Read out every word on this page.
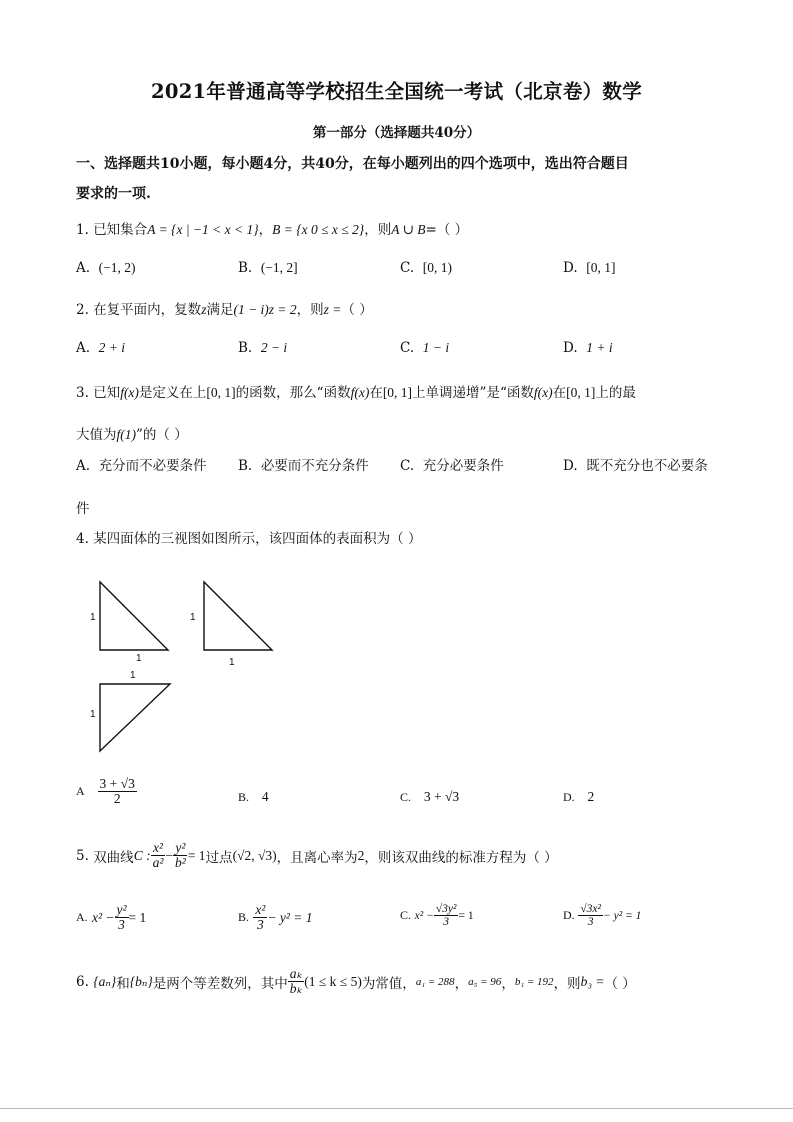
2021年普通高等学校招生全国统一考试（北京卷）数学
第一部分（选择题共40分）
一、选择题共10小题，每小题4分，共40分，在每小题列出的四个选项中，选出符合题目
要求的一项.
1. 已知集合A = {x | −1 < x < 1}，B = {x 0 ≤ x ≤ 2}，则A ∪ B=（ ）
A. (−1, 2)	B. (−1, 2]	C. [0, 1)	D. [0, 1]
2. 在复平面内，复数z满足(1 − i)z = 2，则z =（ ）
A. 2 + i	B. 2 − i	C. 1 − i	D. 1 + i
3. 已知f(x)是定义在上[0, 1]的函数，那么“函数f(x)在[0, 1]上单调递增”是“函数f(x)在[0, 1]上的最
大值为f(1)”的（ ）
A. 充分而不必要条件 B. 必要而不充分条件 C. 充分必要条件	D. 既不充分也不必要条
件
4. 某四面体的三视图如图所示，该四面体的表面积为（ ）
1
1
1
1
1
1
A
$\frac{3 + √3}{2}$	B. 4	C. 3 + √3	D. 2
5.
双曲线 C : $\frac{\text{x²}}{\text{a²}} - \frac{\text{y²}}{\text{b²}} = 1$ 过点 (√2, √3) ，且离心率为 2 ，则该双曲线的标准方程为（ ）
A.
$x^2 - \frac{\text{y²}}{3} = 1$	B.
$\frac{\text{x²}}{3} - y^2 = 1$	C.
$x^2 - \frac{\text{√3y²}}{3} = 1$	D.
$\frac{\text{√3x²}}{3} - y^2 = 1$
6.
{aₙ} 和 {bₙ} 是两个等差数列，其中 $\frac{\text{aₖ}}{\text{bₖ}} (1 \le k \le 5)$ 为常值， a₁ = 288 ， a₅ = 96 ， b₁ = 192 ，则 b₃ = （ ）
